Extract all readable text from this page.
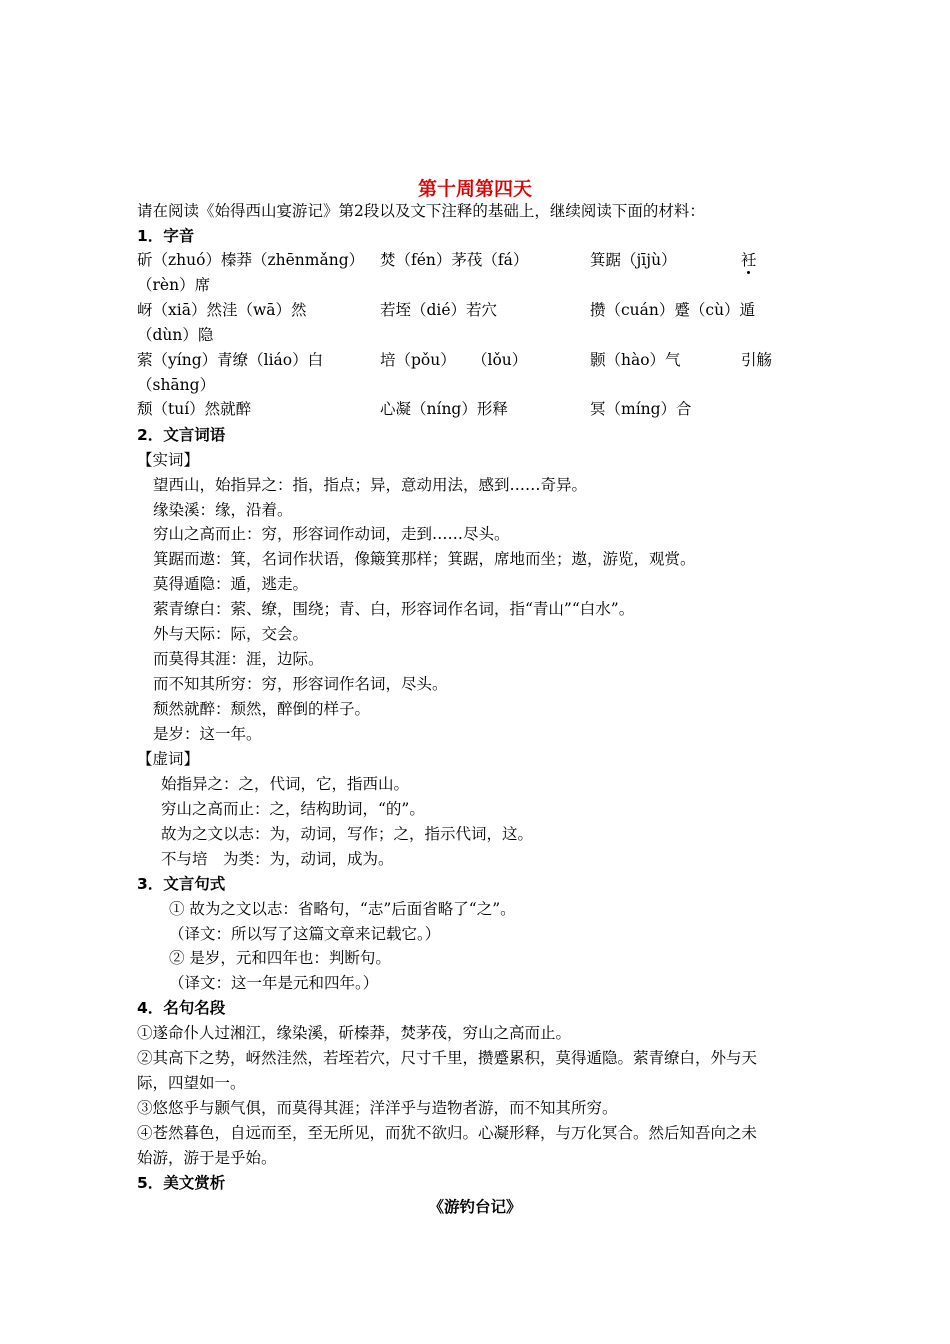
第十周第四天
请在阅读《始得西山宴游记》第2段以及文下注释的基础上，继续阅读下面的材料：
1．字音
斫（zhuó）榛莽（zhēnmǎng） 焚（fén）茅茷（fá）	箕踞（jījù）	衽
（rèn）席
岈（xiā）然洼（wā）然	若垤（dié）若穴	攒（cuán）蹙（cù）遁
（dùn）隐
萦（yíng）青缭（liáo）白	培（pǒu） （lǒu）	颢（hào）气	引觞
（shāng）
颓（tuí）然就醉	心凝（níng）形释	冥（míng）合
2．文言词语
【实词】
望西山，始指异之：指，指点；异，意动用法，感到……奇异。
缘染溪：缘，沿着。
穷山之高而止：穷，形容词作动词，走到……尽头。
箕踞而遨：箕，名词作状语，像簸箕那样；箕踞，席地而坐；遨，游览，观赏。
莫得遁隐：遁，逃走。
萦青缭白：萦、缭，围绕；青、白，形容词作名词，指“青山”“白水”。
外与天际：际，交会。
而莫得其涯：涯，边际。
而不知其所穷：穷，形容词作名词，尽头。
颓然就醉：颓然，醉倒的样子。
是岁：这一年。
【虚词】
始指异之：之，代词，它，指西山。
穷山之高而止：之，结构助词，“的”。
故为之文以志：为，动词，写作；之，指示代词，这。
不与培　为类：为，动词，成为。
3．文言句式
① 故为之文以志：省略句，“志”后面省略了“之”。
（译文：所以写了这篇文章来记载它。）
② 是岁，元和四年也：判断句。
（译文：这一年是元和四年。）
4．名句名段
①遂命仆人过湘江，缘染溪，斫榛莽，焚茅茷，穷山之高而止。
②其高下之势，岈然洼然，若垤若穴，尺寸千里，攒蹙累积，莫得遁隐。萦青缭白，外与天
际，四望如一。
③悠悠乎与颢气俱，而莫得其涯；洋洋乎与造物者游，而不知其所穷。
④苍然暮色，自远而至，至无所见，而犹不欲归。心凝形释，与万化冥合。然后知吾向之未
始游，游于是乎始。
5．美文赏析
《游钓台记》
